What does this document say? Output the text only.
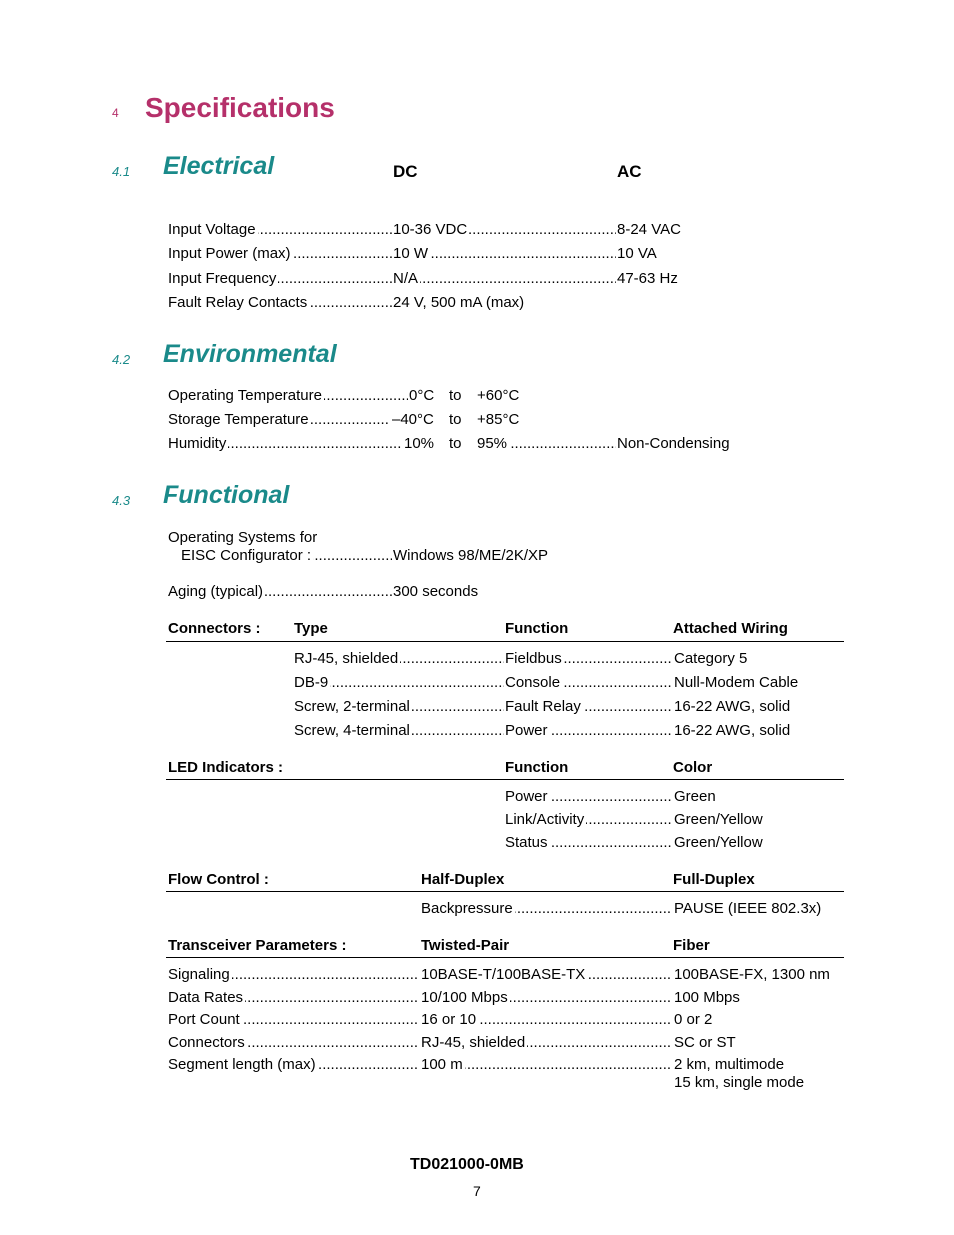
4 Specifications
4.1 Electrical	DC	AC
..... Input Voltage	..... 10-36 VDC	8-24 VAC
..... Input Power (max)	..... 10 W	10 VA
..... Input Frequency	..... N/A	47-63 Hz
..... Fault Relay Contacts	24 V, 500 mA (max)
4.2 Environmental
..... Operating Temperature	0°C to +60°C
..... Storage Temperature	–40°C to +85°C
..... Humidity	10% to ..... 95%	Non-Condensing
4.3 Functional
Operating Systems for
..... EISC Configurator :	Windows 98/ME/2K/XP
..... Aging (typical)	300 seconds
Connectors : Type	Function	Attached Wiring
..... RJ-45, shielded	..... Fieldbus	Category 5
..... DB-9	..... Console	Null-Modem Cable
..... Screw, 2-terminal	..... Fault Relay	16-22 AWG, solid
..... Screw, 4-terminal	..... Power	16-22 AWG, solid
LED Indicators :	Function	Color
..... Power	Green
..... Link/Activity	Green/Yellow
..... Status	Green/Yellow
Flow Control :	Half-Duplex	Full-Duplex
..... Backpressure	PAUSE (IEEE 802.3x)
Transceiver Parameters :	Twisted-Pair	Fiber
..... Signaling	..... 10BASE-T/100BASE-TX	100BASE-FX, 1300 nm
..... Data Rates	..... 10/100 Mbps	100 Mbps
..... Port Count	..... 16 or 10	0 or 2
..... Connectors	..... RJ-45, shielded	SC or ST
..... Segment length (max)	..... 100 m	2 km, multimode
15 km, single mode
TD021000-0MB
7
